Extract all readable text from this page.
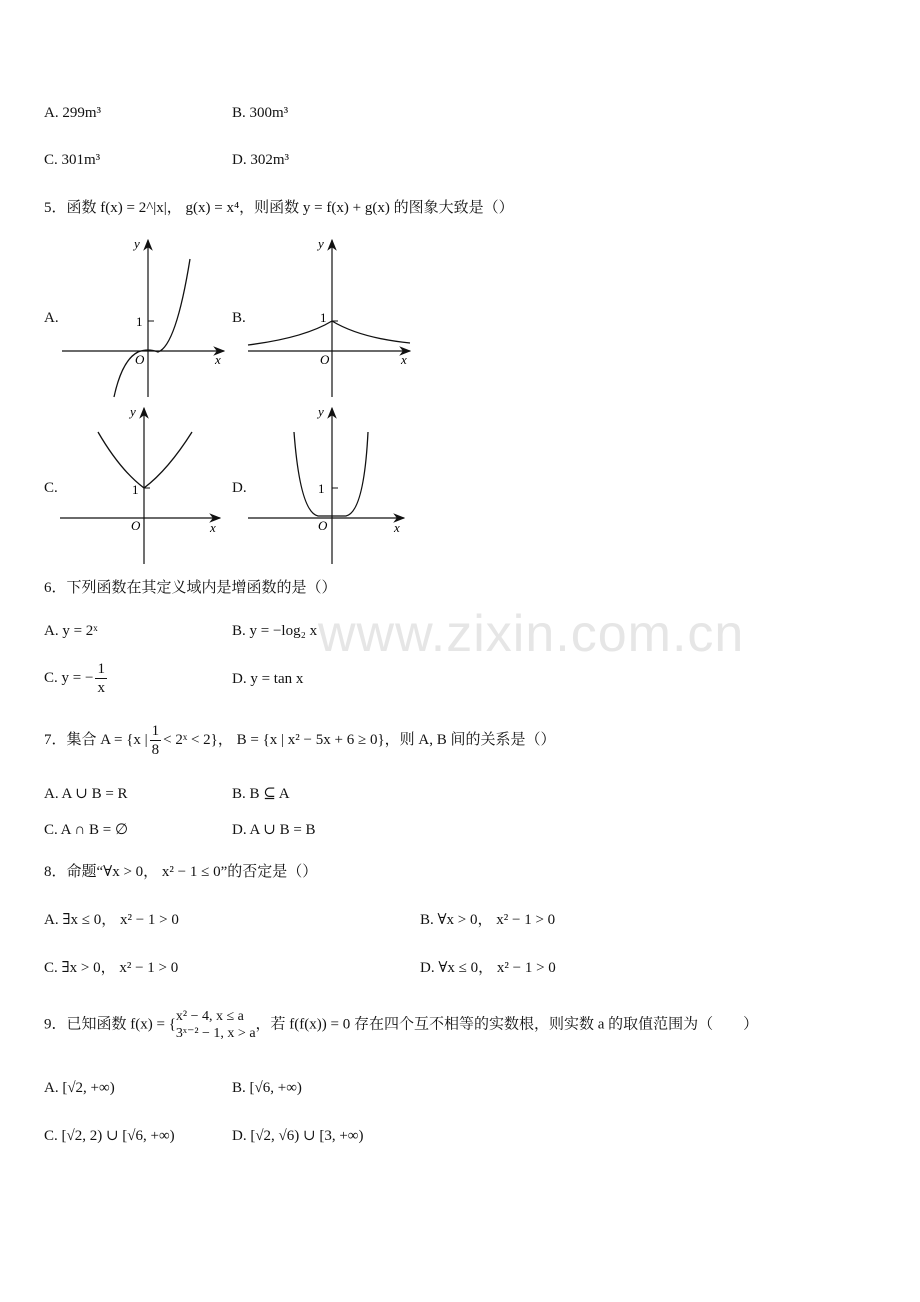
www.zixin.com.cn
A. 299m³	B. 300m³
C. 301m³	D. 302m³
5．函数 f(x) = 2^|x|， g(x) = x⁴，则函数 y = f(x) + g(x) 的图象大致是（）
A.	B.
C.	D.
y
x
O
1
y
x
O
1
y
x
O
1
y
x
O
1
6．下列函数在其定义域内是增函数的是（）
A. y = 2ˣ	B. y = −log₂ x
C. y = − $\frac{1}{x}$	D. y = tan x
7．集合 A = {x | $\frac{1}{8}$ < 2ˣ < 2}， B = {x | x² − 5x + 6 ≥ 0}，则 A, B 间的关系是（）
A. A ∪ B = R	B. B ⊆ A
C. A ∩ B = ∅	D. A ∪ B = B
8．命题“∀x > 0， x² − 1 ≤ 0”的否定是（）
A. ∃x ≤ 0， x² − 1 > 0	B. ∀x > 0， x² − 1 > 0
C. ∃x > 0， x² − 1 > 0	D. ∀x ≤ 0， x² − 1 > 0
9．已知函数 f(x) = { x² − 4, x ≤ a
3ˣ⁻² − 1, x > a
，若 f(f(x)) = 0 存在四个互不相等的实数根，则实数 a 的取值范围为（　　）
A. [√2, +∞)	B. [√6, +∞)
C. [√2, 2) ∪ [√6, +∞)	D. [√2, √6) ∪ [3, +∞)
